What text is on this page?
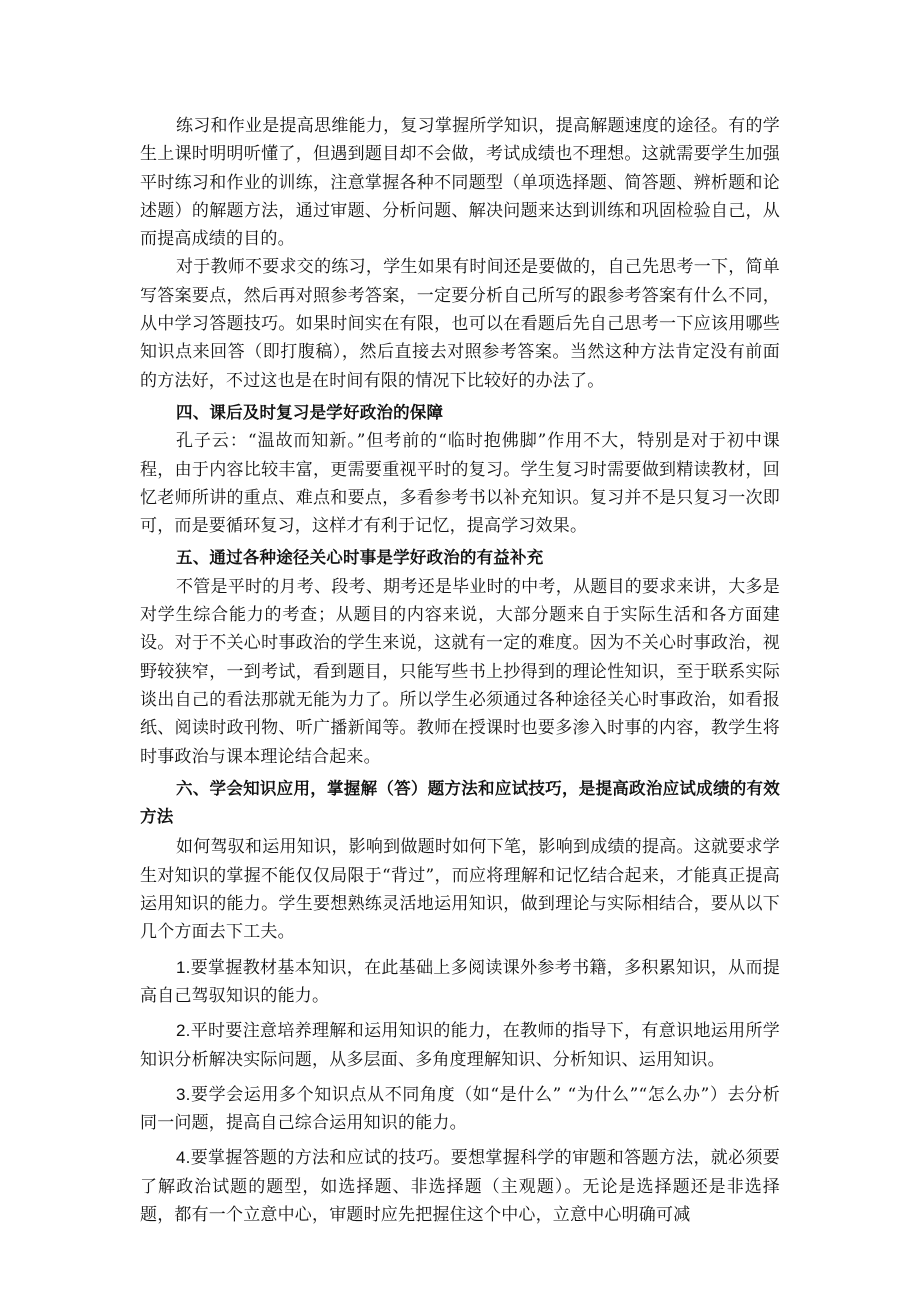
练习和作业是提高思维能力，复习掌握所学知识，提高解题速度的途径。有的学生上课时明明听懂了，但遇到题目却不会做，考试成绩也不理想。这就需要学生加强平时练习和作业的训练，注意掌握各种不同题型（单项选择题、简答题、辨析题和论述题）的解题方法，通过审题、分析问题、解决问题来达到训练和巩固检验自己，从而提高成绩的目的。

对于教师不要求交的练习，学生如果有时间还是要做的，自己先思考一下，简单写答案要点，然后再对照参考答案，一定要分析自己所写的跟参考答案有什么不同，从中学习答题技巧。如果时间实在有限，也可以在看题后先自己思考一下应该用哪些知识点来回答（即打腹稿），然后直接去对照参考答案。当然这种方法肯定没有前面的方法好，不过这也是在时间有限的情况下比较好的办法了。

四、课后及时复习是学好政治的保障

孔子云：“温故而知新。”但考前的“临时抱佛脚”作用不大，特别是对于初中课程，由于内容比较丰富，更需要重视平时的复习。学生复习时需要做到精读教材，回忆老师所讲的重点、难点和要点，多看参考书以补充知识。复习并不是只复习一次即可，而是要循环复习，这样才有利于记忆，提高学习效果。

五、通过各种途径关心时事是学好政治的有益补充

不管是平时的月考、段考、期考还是毕业时的中考，从题目的要求来讲，大多是对学生综合能力的考查；从题目的内容来说，大部分题来自于实际生活和各方面建设。对于不关心时事政治的学生来说，这就有一定的难度。因为不关心时事政治，视野较狭窄，一到考试，看到题目，只能写些书上抄得到的理论性知识，至于联系实际谈出自己的看法那就无能为力了。所以学生必须通过各种途径关心时事政治，如看报纸、阅读时政刊物、听广播新闻等。教师在授课时也要多渗入时事的内容，教学生将时事政治与课本理论结合起来。

六、学会知识应用，掌握解（答）题方法和应试技巧，是提高政治应试成绩的有效方法

如何驾驭和运用知识，影响到做题时如何下笔，影响到成绩的提高。这就要求学生对知识的掌握不能仅仅局限于“背过”，而应将理解和记忆结合起来，才能真正提高运用知识的能力。学生要想熟练灵活地运用知识，做到理论与实际相结合，要从以下几个方面去下工夫。

1.要掌握教材基本知识，在此基础上多阅读课外参考书籍，多积累知识，从而提高自己驾驭知识的能力。

2.平时要注意培养理解和运用知识的能力，在教师的指导下，有意识地运用所学知识分析解决实际问题，从多层面、多角度理解知识、分析知识、运用知识。

3.要学会运用多个知识点从不同角度（如“是什么” “为什么”“怎么办”）去分析同一问题，提高自己综合运用知识的能力。

4.要掌握答题的方法和应试的技巧。要想掌握科学的审题和答题方法，就必须要了解政治试题的题型，如选择题、非选择题（主观题）。无论是选择题还是非选择题，都有一个立意中心，审题时应先把握住这个中心，立意中心明确可减
